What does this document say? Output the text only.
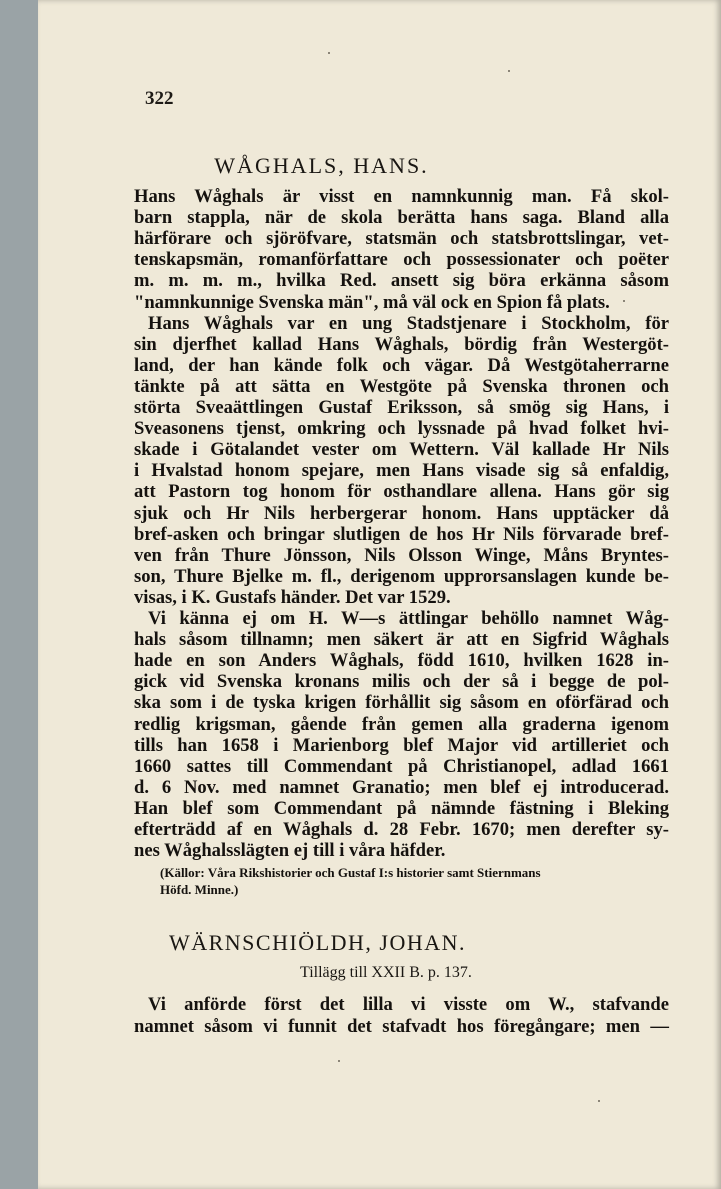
322
WÅGHALS, HANS.
Hans Wåghals är visst en namnkunnig man. Få skol-
barn stappla, när de skola berätta hans saga. Bland alla
härförare och sjöröfvare, statsmän och statsbrottslingar, vet-
tenskapsmän, romanförfattare och possessionater och poëter
m. m. m. m., hvilka Red. ansett sig böra erkänna såsom
"namnkunnige Svenska män", må väl ock en Spion få plats.
Hans Wåghals var en ung Stadstjenare i Stockholm, för
sin djerfhet kallad Hans Wåghals, bördig från Westergöt-
land, der han kände folk och vägar. Då Westgötaherrarne
tänkte på att sätta en Westgöte på Svenska thronen och
störta Sveaättlingen Gustaf Eriksson, så smög sig Hans, i
Sveasonens tjenst, omkring och lyssnade på hvad folket hvi-
skade i Götalandet vester om Wettern. Väl kallade Hr Nils
i Hvalstad honom spejare, men Hans visade sig så enfaldig,
att Pastorn tog honom för osthandlare allena. Hans gör sig
sjuk och Hr Nils herbergerar honom. Hans upptäcker då
bref-asken och bringar slutligen de hos Hr Nils förvarade bref-
ven från Thure Jönsson, Nils Olsson Winge, Måns Bryntes-
son, Thure Bjelke m. fl., derigenom upprorsanslagen kunde be-
visas, i K. Gustafs händer. Det var 1529.
Vi känna ej om H. W—s ättlingar behöllo namnet Wåg-
hals såsom tillnamn; men säkert är att en Sigfrid Wåghals
hade en son Anders Wåghals, född 1610, hvilken 1628 in-
gick vid Svenska kronans milis och der så i begge de pol-
ska som i de tyska krigen förhållit sig såsom en oförfärad och
redlig krigsman, gående från gemen alla graderna igenom
tills han 1658 i Marienborg blef Major vid artilleriet och
1660 sattes till Commendant på Christianopel, adlad 1661
d. 6 Nov. med namnet Granatio; men blef ej introducerad.
Han blef som Commendant på nämnde fästning i Bleking
efterträdd af en Wåghals d. 28 Febr. 1670; men derefter sy-
nes Wåghalsslägten ej till i våra häfder.
(Källor: Våra Rikshistorier och Gustaf I:s historier samt Stiernmans
Höfd. Minne.)
WÄRNSCHIÖLDH, JOHAN.
Tillägg till XXII B. p. 137.
Vi anförde först det lilla vi visste om W., stafvande
namnet såsom vi funnit det stafvadt hos föregångare; men —
